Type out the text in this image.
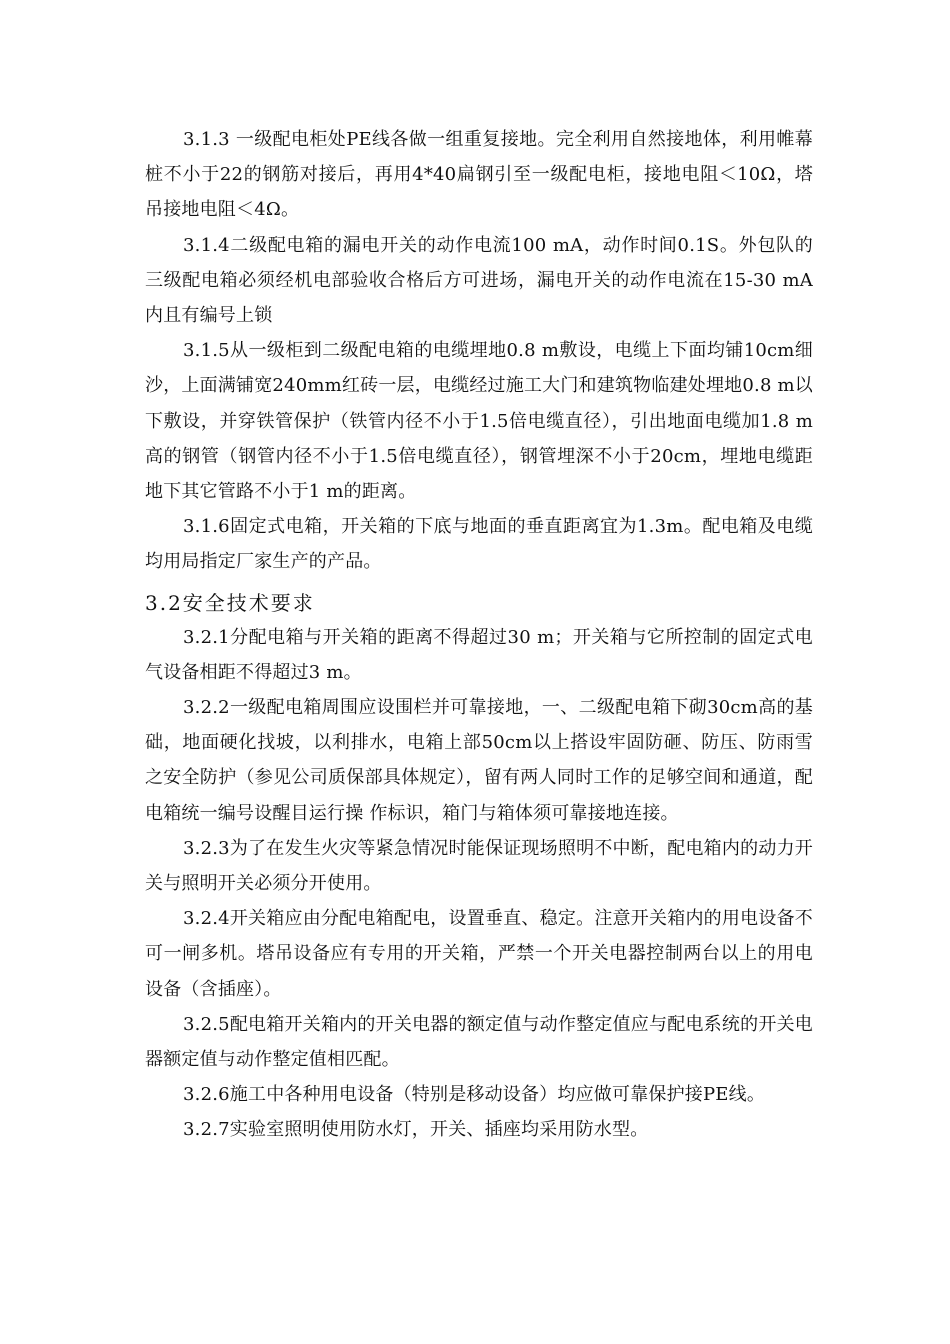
3.1.3 一级配电柜处PE线各做一组重复接地。完全利用自然接地体，利用帷幕桩不小于22的钢筋对接后，再用4*40扁钢引至一级配电柜，接地电阻＜10Ω，塔吊接地电阻＜4Ω。

3.1.4二级配电箱的漏电开关的动作电流100 mA，动作时间0.1S。外包队的三级配电箱必须经机电部验收合格后方可进场，漏电开关的动作电流在15-30 mA内且有编号上锁

3.1.5从一级柜到二级配电箱的电缆埋地0.8 m敷设，电缆上下面均铺10cm细沙，上面满铺宽240mm红砖一层，电缆经过施工大门和建筑物临建处埋地0.8 m以下敷设，并穿铁管保护（铁管内径不小于1.5倍电缆直径），引出地面电缆加1.8 m高的钢管（钢管内径不小于1.5倍电缆直径），钢管埋深不小于20cm，埋地电缆距地下其它管路不小于1 m的距离。

3.1.6固定式电箱，开关箱的下底与地面的垂直距离宜为1.3m。配电箱及电缆均用局指定厂家生产的产品。

3.2安全技术要求

3.2.1分配电箱与开关箱的距离不得超过30 m；开关箱与它所控制的固定式电气设备相距不得超过3 m。

3.2.2一级配电箱周围应设围栏并可靠接地，一、二级配电箱下砌30cm高的基础，地面硬化找坡，以利排水，电箱上部50cm以上搭设牢固防砸、防压、防雨雪之安全防护（参见公司质保部具体规定），留有两人同时工作的足够空间和通道，配电箱统一编号设醒目运行操 作标识，箱门与箱体须可靠接地连接。

3.2.3为了在发生火灾等紧急情况时能保证现场照明不中断，配电箱内的动力开关与照明开关必须分开使用。

3.2.4开关箱应由分配电箱配电，设置垂直、稳定。注意开关箱内的用电设备不可一闸多机。塔吊设备应有专用的开关箱，严禁一个开关电器控制两台以上的用电设备（含插座）。

3.2.5配电箱开关箱内的开关电器的额定值与动作整定值应与配电系统的开关电器额定值与动作整定值相匹配。

3.2.6施工中各种用电设备（特别是移动设备）均应做可靠保护接PE线。

3.2.7实验室照明使用防水灯，开关、插座均采用防水型。
